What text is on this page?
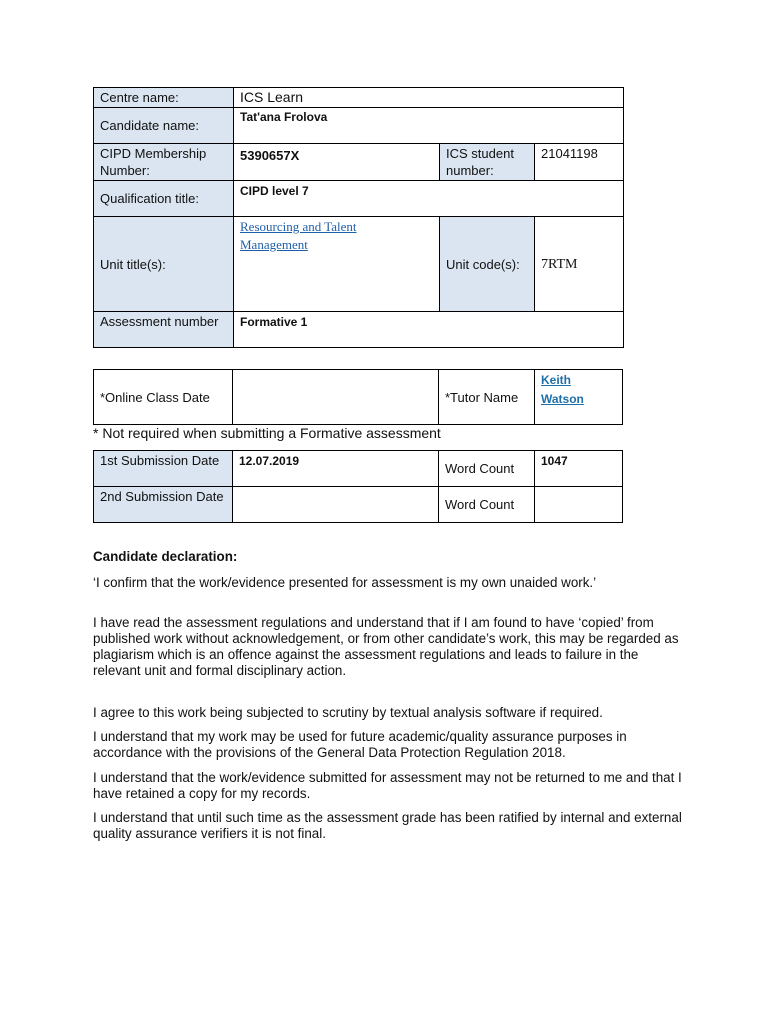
Centre name:	ICS Learn		
Candidate name:	Tat'ana Frolova		
CIPD Membership Number:	5390657X	ICS student number:	21041198
Qualification title:	CIPD level 7		
Unit title(s):	Resourcing and Talent Management	Unit code(s):	7RTM
Assessment number	Formative 1		
*Online Class Date		*Tutor Name	Keith Watson
* Not required when submitting a Formative assessment
1st Submission Date	12.07.2019	Word Count	1047
2nd Submission Date		Word Count	

Candidate declaration:

‘I confirm that the work/evidence presented for assessment is my own unaided work.’

I have read the assessment regulations and understand that if I am found to have ‘copied’ from published work without acknowledgement, or from other candidate’s work, this may be regarded as plagiarism which is an offence against the assessment regulations and leads to failure in the relevant unit and formal disciplinary action.

I agree to this work being subjected to scrutiny by textual analysis software if required.

I understand that my work may be used for future academic/quality assurance purposes in accordance with the provisions of the General Data Protection Regulation 2018.

I understand that the work/evidence submitted for assessment may not be returned to me and that I have retained a copy for my records.

I understand that until such time as the assessment grade has been ratified by internal and external quality assurance verifiers it is not final.
